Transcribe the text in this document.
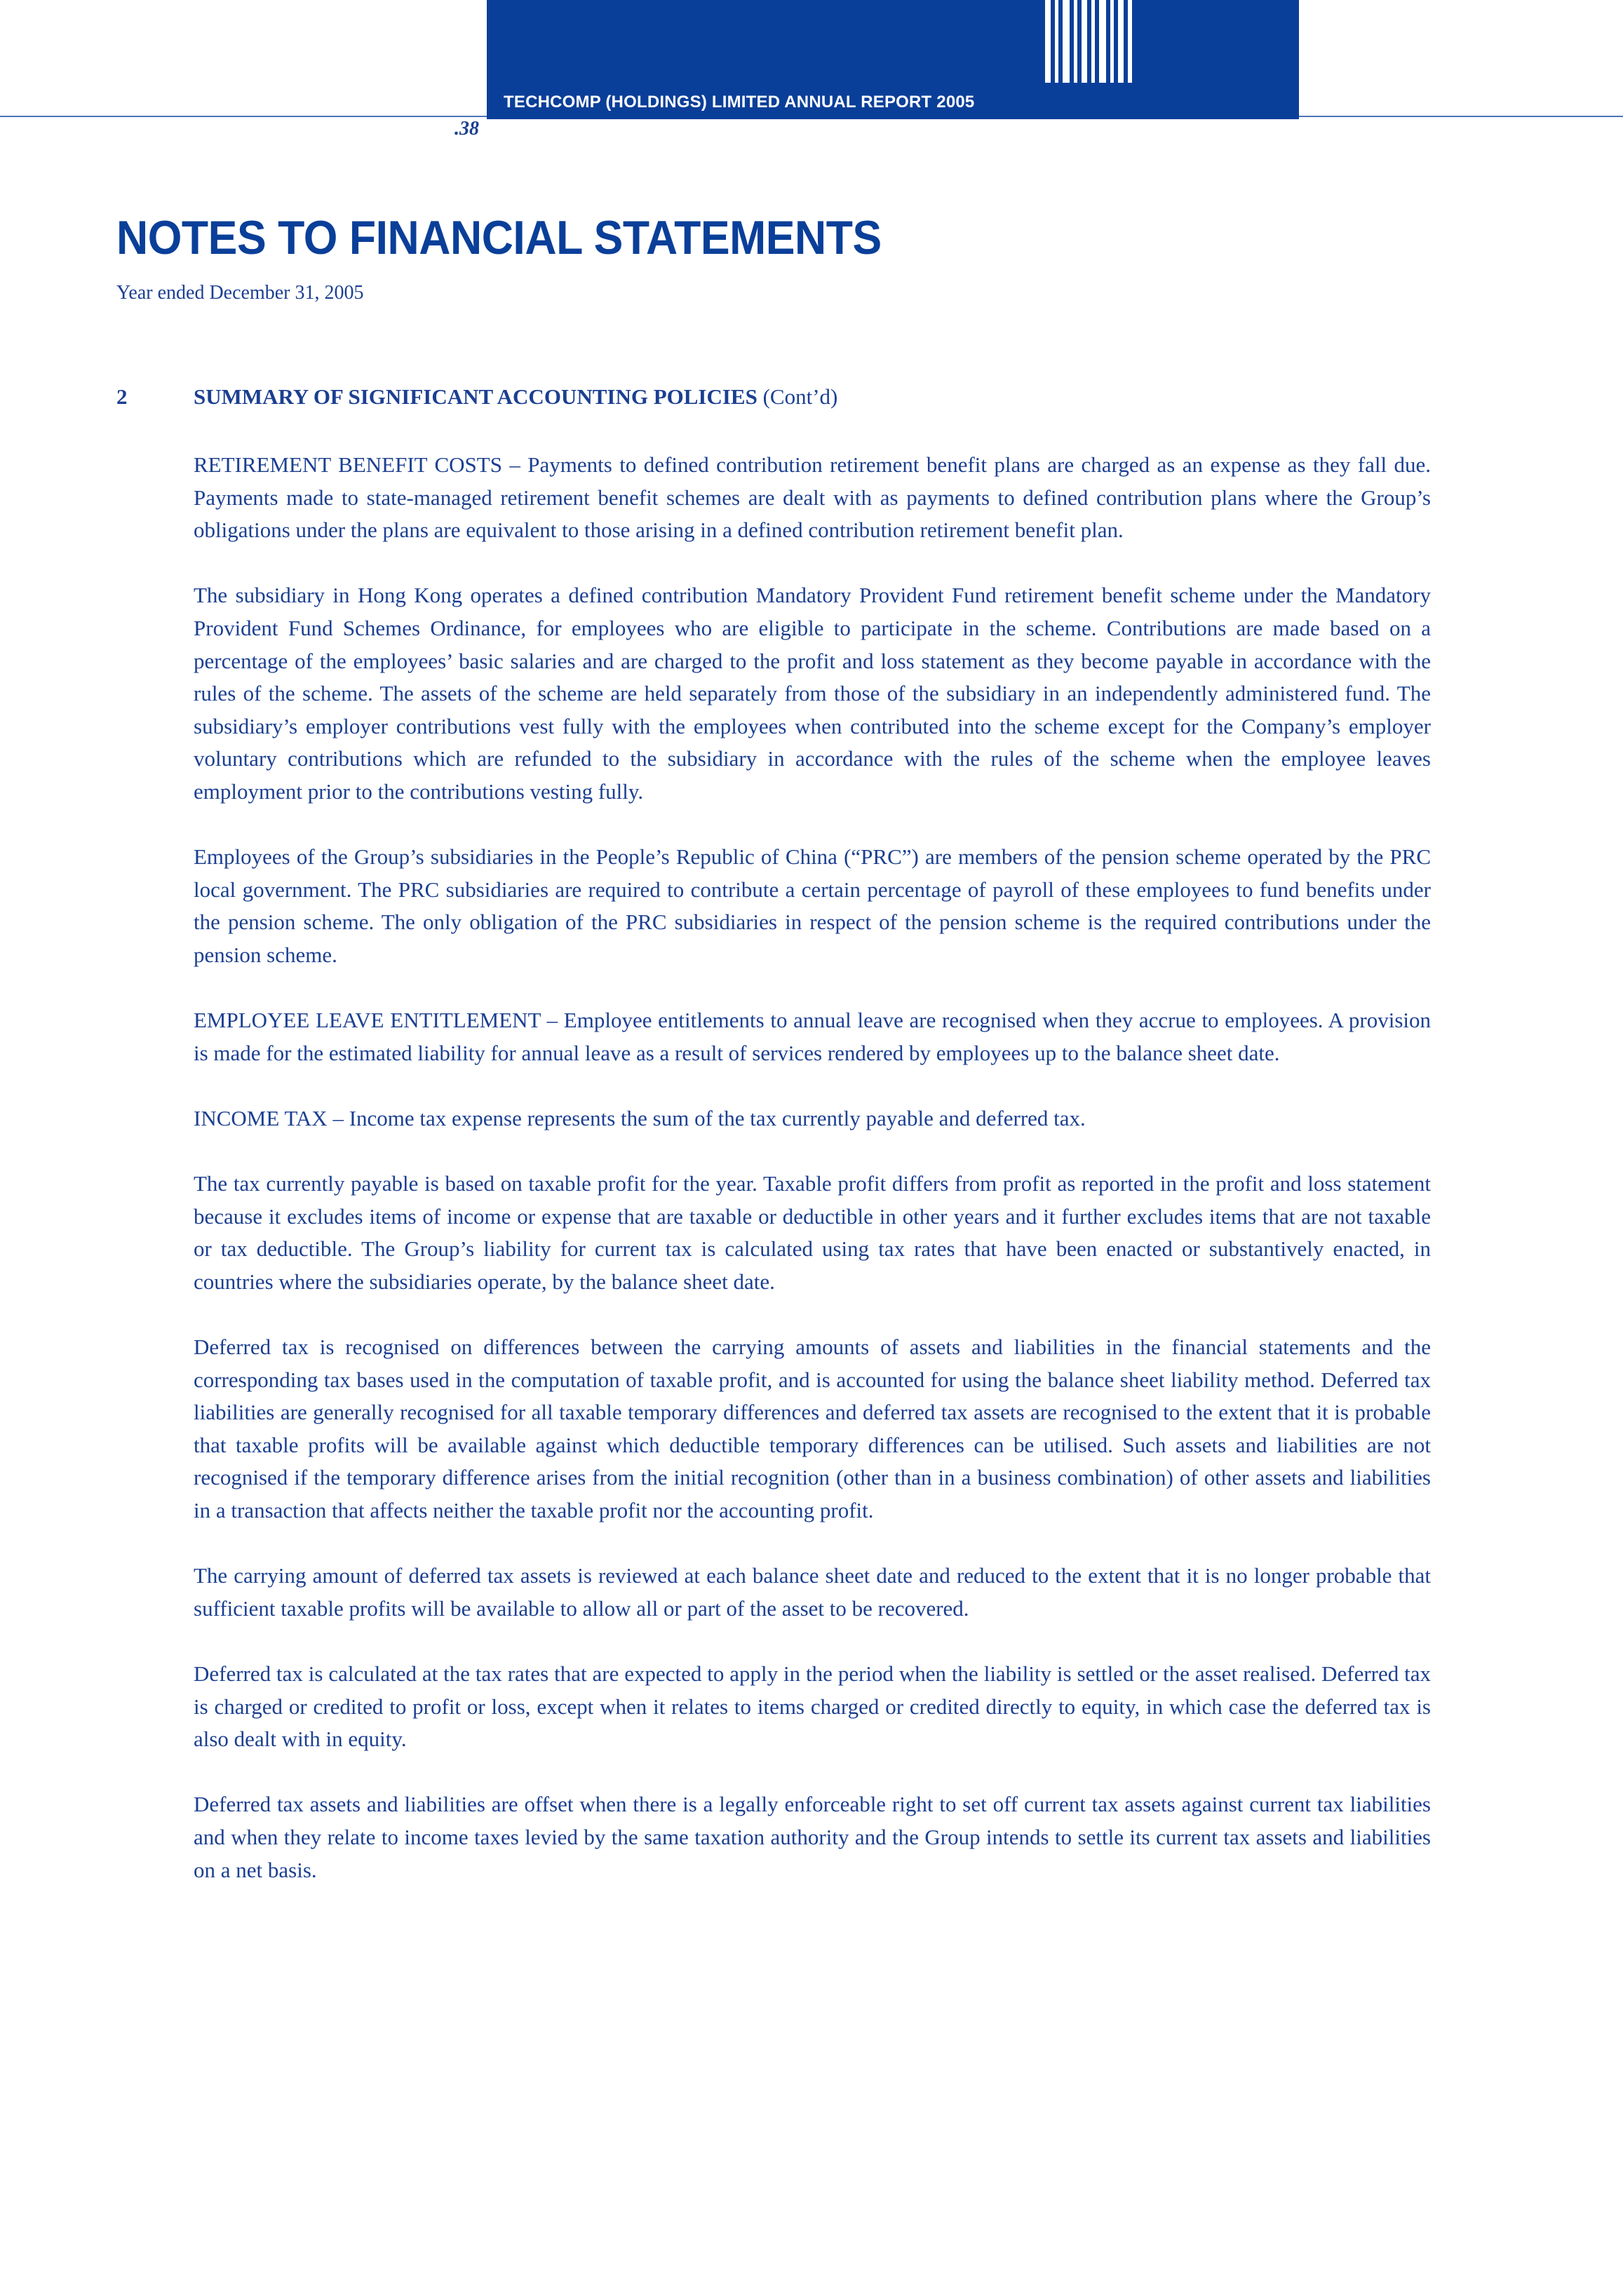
TECHCOMP (HOLDINGS) LIMITED ANNUAL REPORT 2005
.38
NOTES TO FINANCIAL STATEMENTS
Year ended December 31, 2005
2	SUMMARY OF SIGNIFICANT ACCOUNTING POLICIES (Cont’d)

RETIREMENT BENEFIT COSTS – Payments to defined contribution retirement benefit plans are charged as an expense as they fall due. Payments made to state-managed retirement benefit schemes are dealt with as payments to defined contribution plans where the Group’s obligations under the plans are equivalent to those arising in a defined contribution retirement benefit plan.

The subsidiary in Hong Kong operates a defined contribution Mandatory Provident Fund retirement benefit scheme under the Mandatory Provident Fund Schemes Ordinance, for employees who are eligible to participate in the scheme. Contributions are made based on a percentage of the employees’ basic salaries and are charged to the profit and loss statement as they become payable in accordance with the rules of the scheme. The assets of the scheme are held separately from those of the subsidiary in an independently administered fund. The subsidiary’s employer contributions vest fully with the employees when contributed into the scheme except for the Company’s employer voluntary contributions which are refunded to the subsidiary in accordance with the rules of the scheme when the employee leaves employment prior to the contributions vesting fully.

Employees of the Group’s subsidiaries in the People’s Republic of China (“PRC”) are members of the pension scheme operated by the PRC local government. The PRC subsidiaries are required to contribute a certain percentage of payroll of these employees to fund benefits under the pension scheme. The only obligation of the PRC subsidiaries in respect of the pension scheme is the required contributions under the pension scheme.

EMPLOYEE LEAVE ENTITLEMENT – Employee entitlements to annual leave are recognised when they accrue to employees. A provision is made for the estimated liability for annual leave as a result of services rendered by employees up to the balance sheet date.

INCOME TAX – Income tax expense represents the sum of the tax currently payable and deferred tax.

The tax currently payable is based on taxable profit for the year. Taxable profit differs from profit as reported in the profit and loss statement because it excludes items of income or expense that are taxable or deductible in other years and it further excludes items that are not taxable or tax deductible. The Group’s liability for current tax is calculated using tax rates that have been enacted or substantively enacted, in countries where the subsidiaries operate, by the balance sheet date.

Deferred tax is recognised on differences between the carrying amounts of assets and liabilities in the financial statements and the corresponding tax bases used in the computation of taxable profit, and is accounted for using the balance sheet liability method. Deferred tax liabilities are generally recognised for all taxable temporary differences and deferred tax assets are recognised to the extent that it is probable that taxable profits will be available against which deductible temporary differences can be utilised. Such assets and liabilities are not recognised if the temporary difference arises from the initial recognition (other than in a business combination) of other assets and liabilities in a transaction that affects neither the taxable profit nor the accounting profit.

The carrying amount of deferred tax assets is reviewed at each balance sheet date and reduced to the extent that it is no longer probable that sufficient taxable profits will be available to allow all or part of the asset to be recovered.

Deferred tax is calculated at the tax rates that are expected to apply in the period when the liability is settled or the asset realised. Deferred tax is charged or credited to profit or loss, except when it relates to items charged or credited directly to equity, in which case the deferred tax is also dealt with in equity.

Deferred tax assets and liabilities are offset when there is a legally enforceable right to set off current tax assets against current tax liabilities and when they relate to income taxes levied by the same taxation authority and the Group intends to settle its current tax assets and liabilities on a net basis.
